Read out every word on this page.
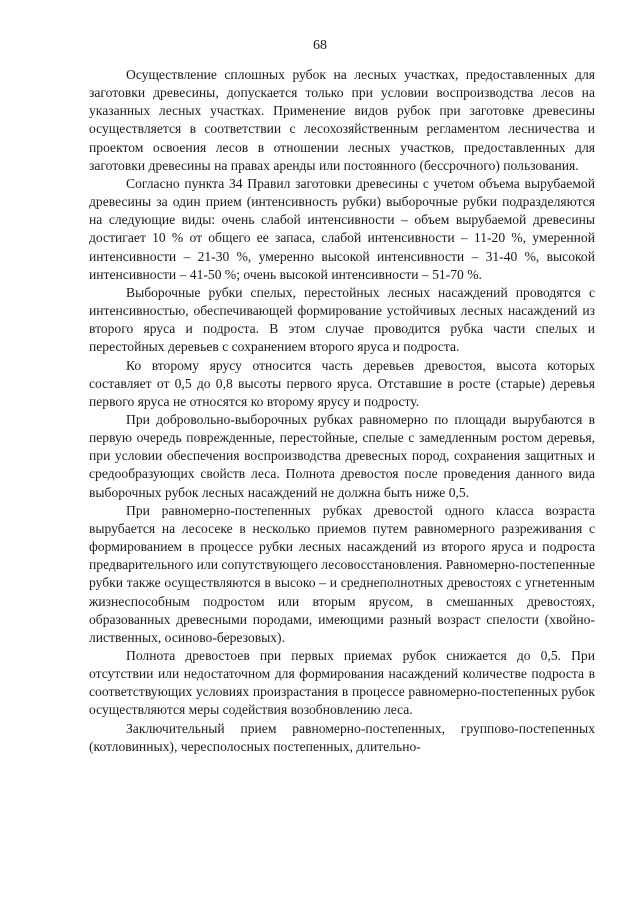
68

Осуществление сплошных рубок на лесных участках, предоставленных для заготовки древесины, допускается только при условии воспроизводства лесов на указанных лесных участках. Применение видов рубок при заготовке древесины осуществляется в соответствии с лесохозяйственным регламентом лесничества и проектом освоения лесов в отношении лесных участков, предоставленных для заготовки древесины на правах аренды или постоянного (бессрочного) пользования.

Согласно пункта 34 Правил заготовки древесины с учетом объема вырубаемой древесины за один прием (интенсивность рубки) выборочные рубки подразделяются на следующие виды: очень слабой интенсивности – объем вырубаемой древесины достигает 10 % от общего ее запаса, слабой интенсивности – 11-20 %, умеренной интенсивности – 21-30 %, умеренно высокой интенсивности – 31-40 %, высокой интенсивности – 41-50 %; очень высокой интенсивности – 51-70 %.

Выборочные рубки спелых, перестойных лесных насаждений проводятся с интенсивностью, обеспечивающей формирование устойчивых лесных насаждений из второго яруса и подроста. В этом случае проводится рубка части спелых и перестойных деревьев с сохранением второго яруса и подроста.

Ко второму ярусу относится часть деревьев древостоя, высота которых составляет от 0,5 до 0,8 высоты первого яруса. Отставшие в росте (старые) деревья первого яруса не относятся ко второму ярусу и подросту.

При добровольно-выборочных рубках равномерно по площади вырубаются в первую очередь поврежденные, перестойные, спелые с замедленным ростом деревья, при условии обеспечения воспроизводства древесных пород, сохранения защитных и средообразующих свойств леса. Полнота древостоя после проведения данного вида выборочных рубок лесных насаждений не должна быть ниже 0,5.

При равномерно-постепенных рубках древостой одного класса возраста вырубается на лесосеке в несколько приемов путем равномерного разреживания с формированием в процессе рубки лесных насаждений из второго яруса и подроста предварительного или сопутствующего лесовосстановления. Равномерно-постепенные рубки также осуществляются в высоко – и среднеполнотных древостоях с угнетенным жизнеспособным подростом или вторым ярусом, в смешанных древостоях, образованных древесными породами, имеющими разный возраст спелости (хвойно-лиственных, осиново-березовых).

Полнота древостоев при первых приемах рубок снижается до 0,5. При отсутствии или недостаточном для формирования насаждений количестве подроста в соответствующих условиях произрастания в процессе равномерно-постепенных рубок осуществляются меры содействия возобновлению леса.

Заключительный прием равномерно-постепенных, группово-постепенных (котловинных), чересполосных постепенных, длительно-
